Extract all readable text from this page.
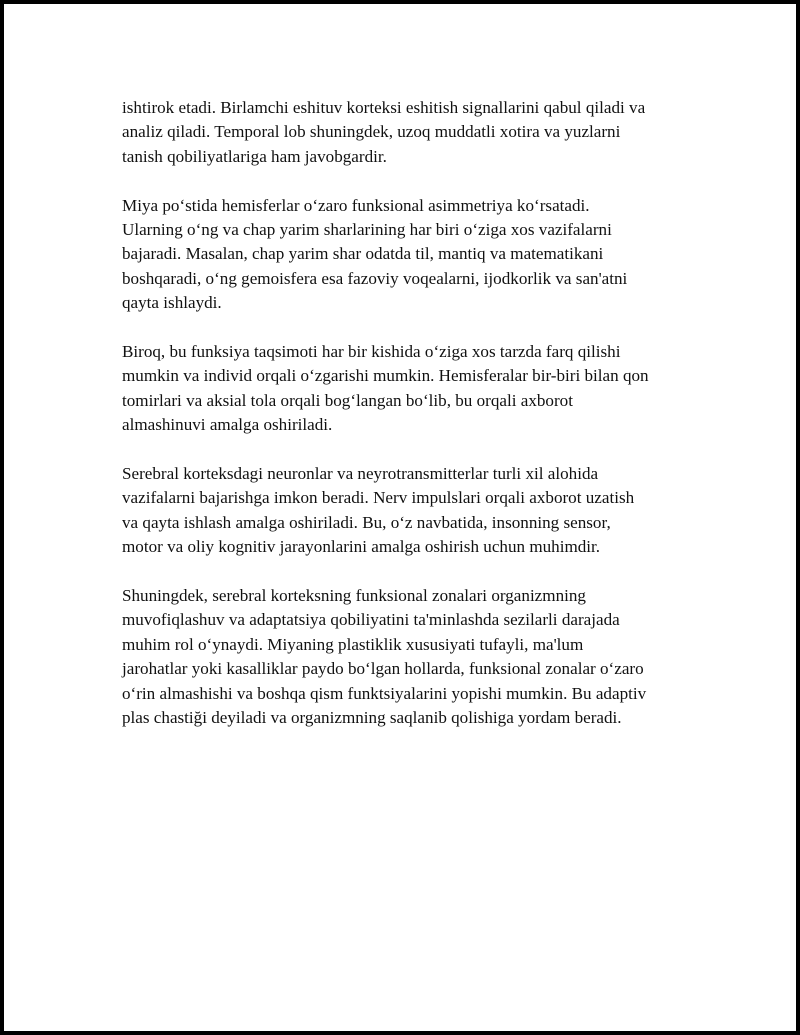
ishtirok etadi. Birlamchi eshituv korteksi eshitish signallarini qabul qiladi va
analiz qiladi. Temporal lob shuningdek, uzoq muddatli xotira va yuzlarni
tanish qobiliyatlariga ham javobgardir.

Miya po‘stida hemisferlar o‘zaro funksional asimmetriya ko‘rsatadi.
Ularning o‘ng va chap yarim sharlarining har biri o‘ziga xos vazifalarni
bajaradi. Masalan, chap yarim shar odatda til, mantiq va matematikani
boshqaradi, o‘ng gemoisfera esa fazoviy voqealarni, ijodkorlik va san'atni
qayta ishlaydi.

Biroq, bu funksiya taqsimoti har bir kishida o‘ziga xos tarzda farq qilishi
mumkin va individ orqali o‘zgarishi mumkin. Hemisferalar bir-biri bilan qon
tomirlari va aksial tola orqali bog‘langan bo‘lib, bu orqali axborot
almashinuvi amalga oshiriladi.

Serebral korteksdagi neuronlar va neyrotransmitterlar turli xil alohida
vazifalarni bajarishga imkon beradi. Nerv impulslari orqali axborot uzatish
va qayta ishlash amalga oshiriladi. Bu, o‘z navbatida, insonning sensor,
motor va oliy kognitiv jarayonlarini amalga oshirish uchun muhimdir.

Shuningdek, serebral korteksning funksional zonalari organizmning
muvofiqlashuv va adaptatsiya qobiliyatini ta'minlashda sezilarli darajada
muhim rol o‘ynaydi. Miyaning plastiklik xususiyati tufayli, ma'lum
jarohatlar yoki kasalliklar paydo bo‘lgan hollarda, funksional zonalar o‘zaro
o‘rin almashishi va boshqa qism funktsiyalarini yopishi mumkin. Bu adaptiv
plas chastiği deyiladi va organizmning saqlanib qolishiga yordam beradi.
